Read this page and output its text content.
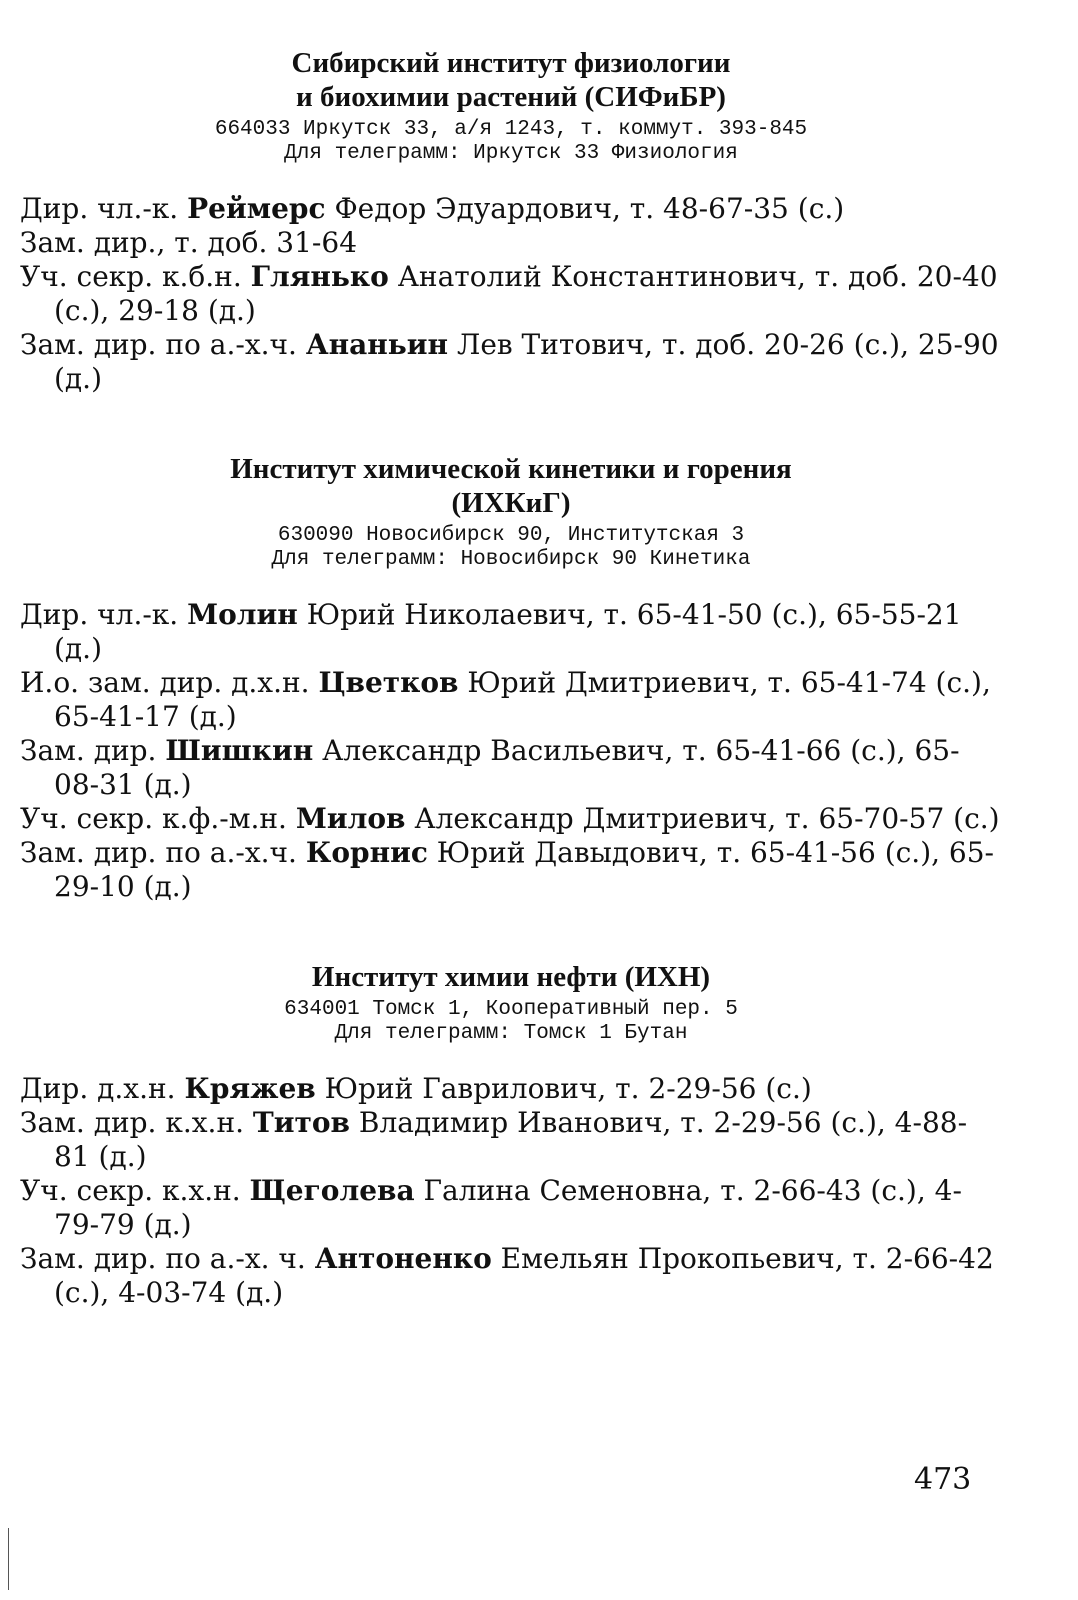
Сибирский институт физиологии

и биохимии растений (СИФиБР)

664033 Иркутск 33, а/я 1243, т. коммут. 393-845

Для телеграмм: Иркутск 33 Физиология

Дир. чл.-к. Реймерс Федор Эдуардович, т. 48-67-35 (с.)

Зам. дир., т. доб. 31-64

Уч. секр. к.б.н. Глянько Анатолий Константинович, т. доб. 20-40 (с.), 29-18 (д.)

Зам. дир. по а.-х.ч. Ананьин Лев Титович, т. доб. 20-26 (с.), 25-90 (д.)

Институт химической кинетики и горения

(ИХКиГ)

630090 Новосибирск 90, Институтская 3

Для телеграмм: Новосибирск 90 Кинетика

Дир. чл.-к. Молин Юрий Николаевич, т. 65-41-50 (с.), 65-55-21 (д.)

И.о. зам. дир. д.х.н. Цветков Юрий Дмитриевич, т. 65-41-74 (с.), 65-41-17 (д.)

Зам. дир. Шишкин Александр Васильевич, т. 65-41-66 (с.), 65-08-31 (д.)

Уч. секр. к.ф.-м.н. Милов Александр Дмитриевич, т. 65-70-57 (с.)

Зам. дир. по а.-х.ч. Корнис Юрий Давыдович, т. 65-41-56 (с.), 65-29-10 (д.)

Институт химии нефти (ИХН)

634001 Томск 1, Кооперативный пер. 5

Для телеграмм: Томск 1 Бутан

Дир. д.х.н. Кряжев Юрий Гаврилович, т. 2-29-56 (с.)

Зам. дир. к.х.н. Титов Владимир Иванович, т. 2-29-56 (с.), 4-88-81 (д.)

Уч. секр. к.х.н. Щеголева Галина Семеновна, т. 2-66-43 (с.), 4-79-79 (д.)

Зам. дир. по а.-х. ч. Антоненко Емельян Прокопьевич, т. 2-66-42 (с.), 4-03-74 (д.)

473
